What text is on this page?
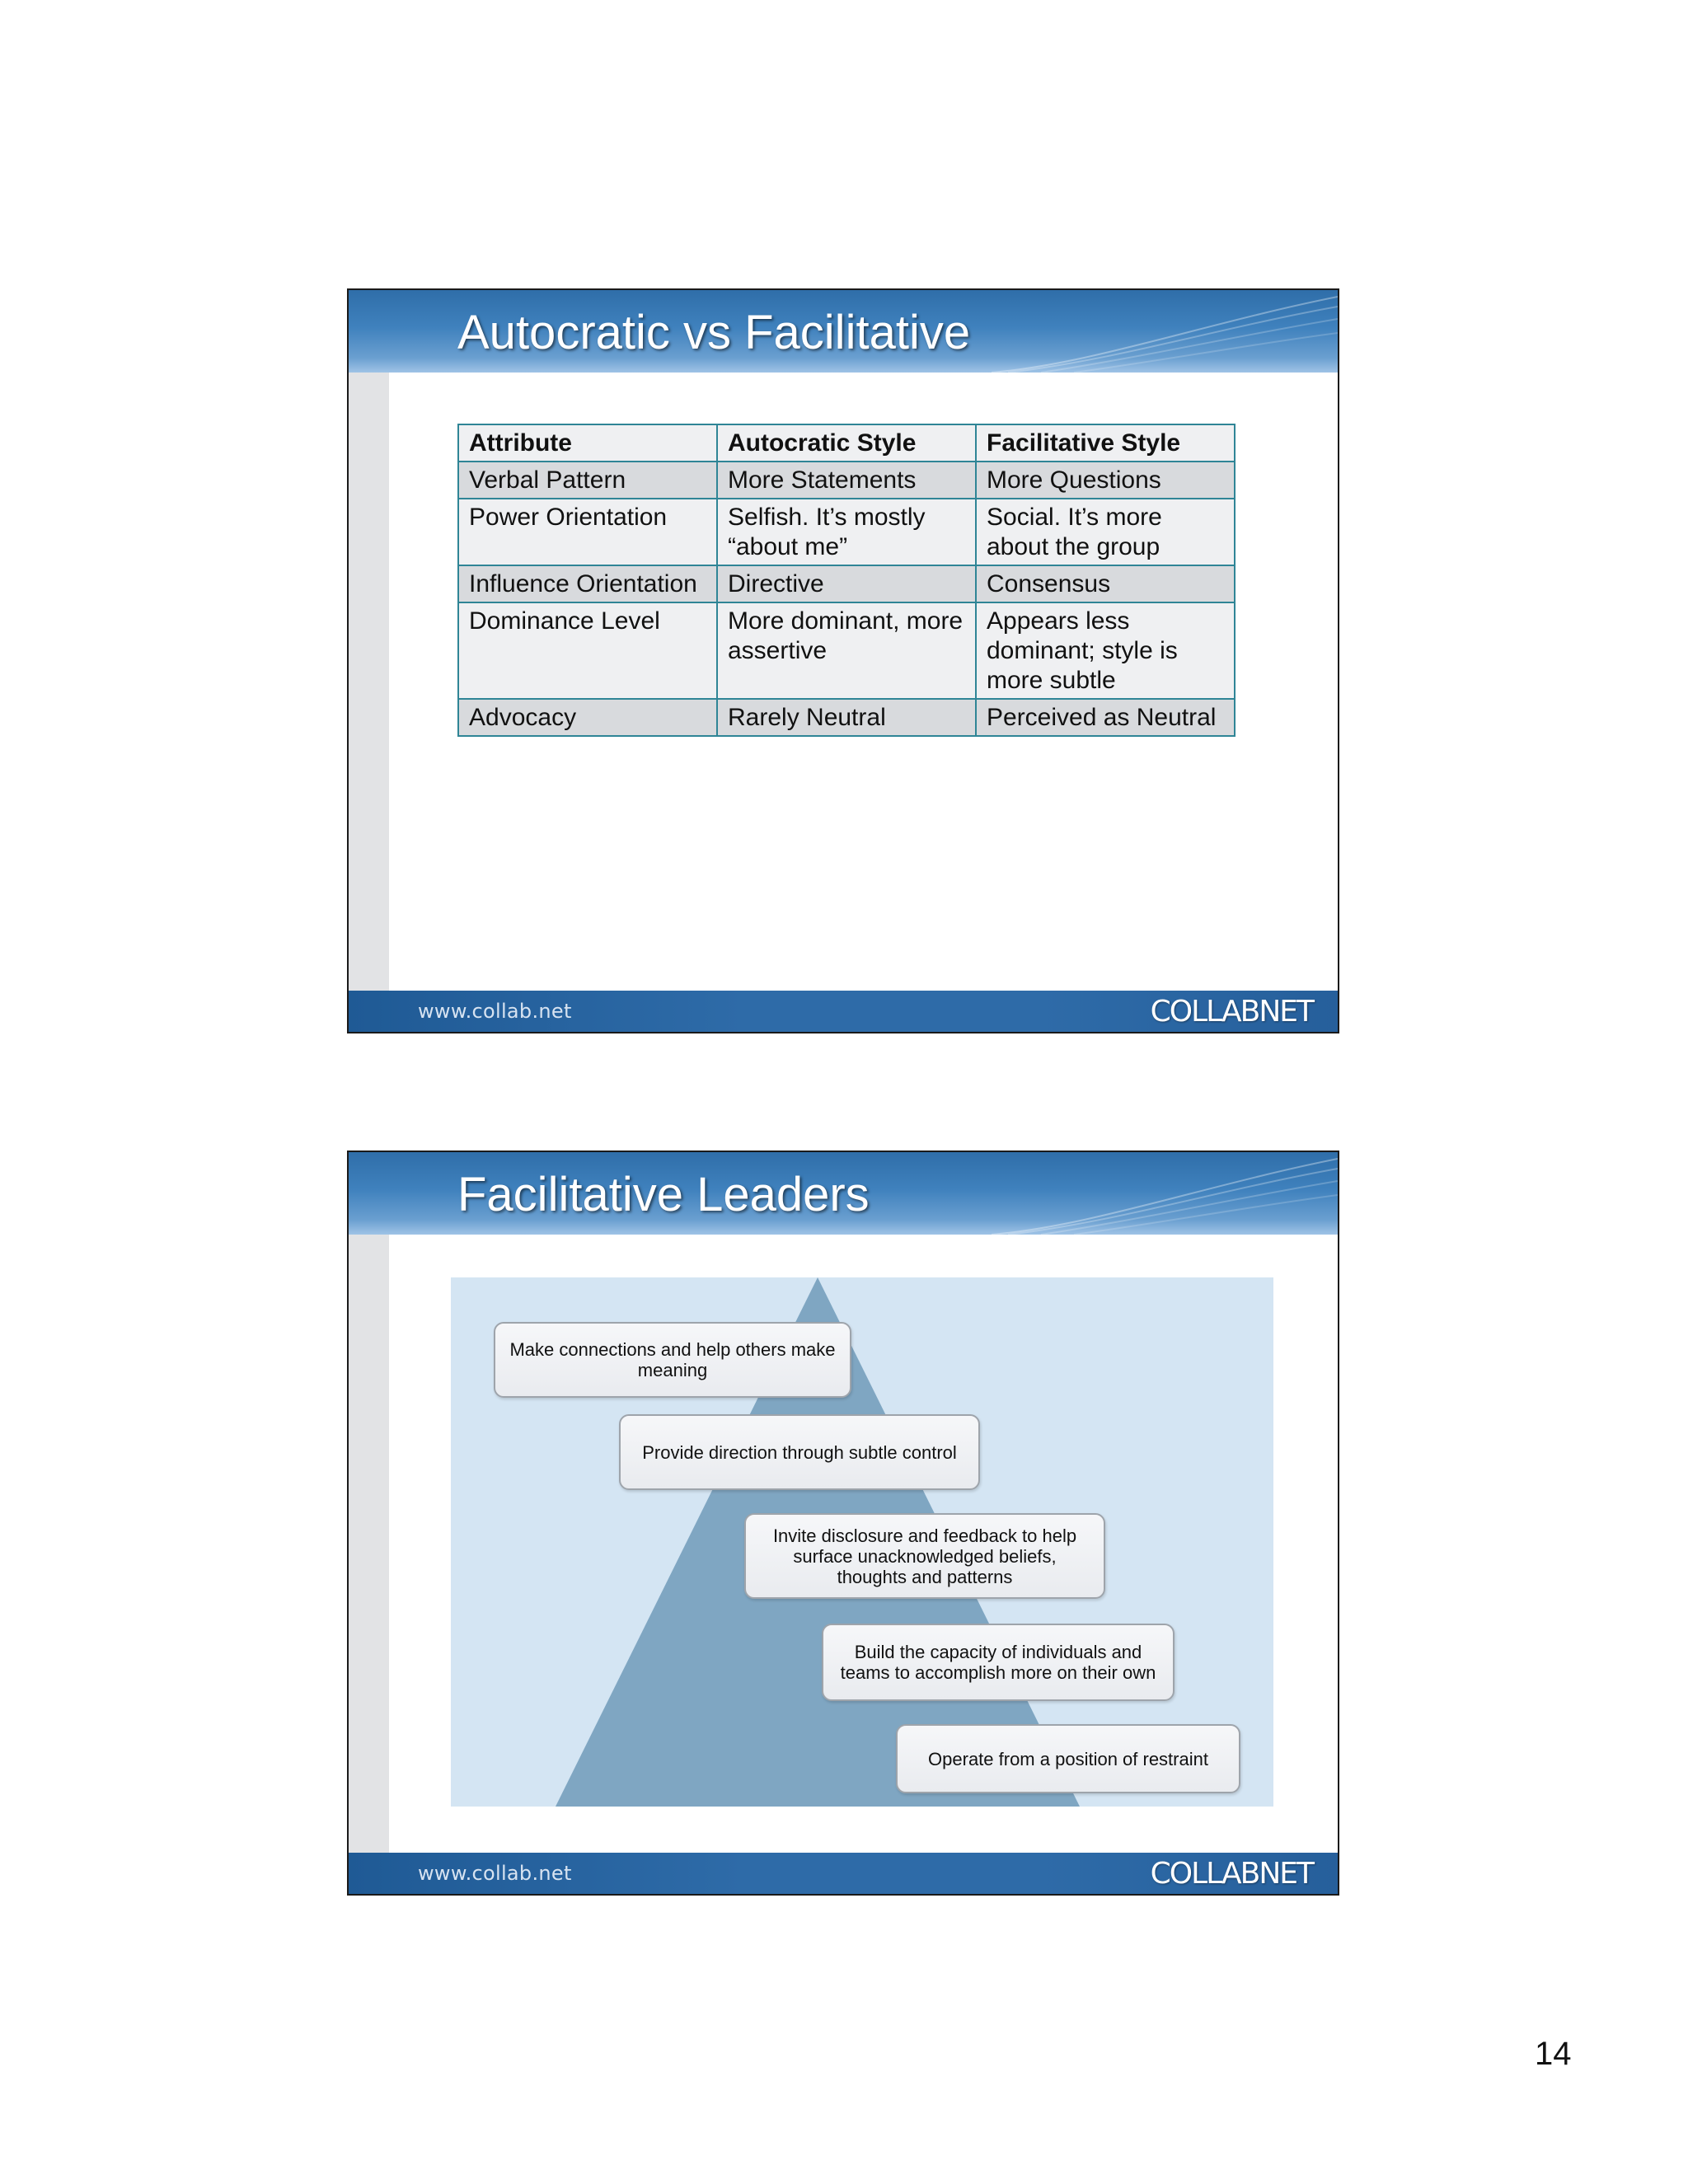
Autocratic vs Facilitative
Attribute	Autocratic Style	Facilitative Style
Verbal Pattern	More Statements	More Questions
Power Orientation	Selfish. It’s mostly “about me”	Social. It’s more about the group
Influence Orientation	Directive	Consensus
Dominance Level	More dominant, more assertive	Appears less dominant; style is more subtle
Advocacy	Rarely Neutral	Perceived as Neutral
www.collab.net	COLLABNET
Facilitative Leaders
Make connections and help others make meaning
Provide direction through subtle control
Invite disclosure and feedback to help surface unacknowledged beliefs, thoughts and patterns
Build the capacity of individuals and teams to accomplish more on their own
Operate from a position of restraint
www.collab.net	COLLABNET
14
